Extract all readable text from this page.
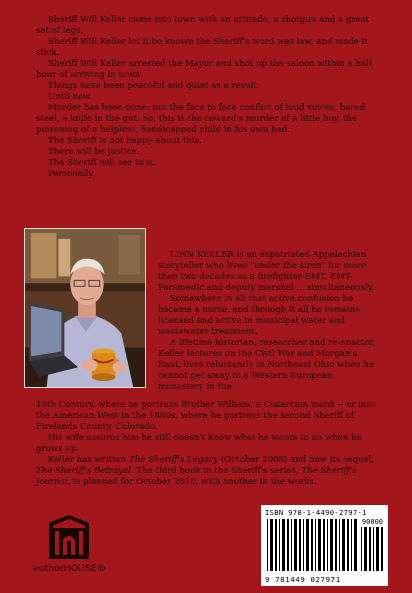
Sheriff Will Keller came into town with an attitude, a shotgun and a great set of legs.

Sheriff Will Keller let it be known the Sheriff's word was law, and made it stick.

Sheriff Will Keller arrested the Mayor and shot up the saloon within a half hour of arriving in town.

Things have been peaceful and quiet as a result.

Until now.

Murder has been done: not the face to face conflict of loud voices, bared steel, a knife in the gut: no, this is the coward's murder of a little boy, the poisoning of a helpless, handicapped child in his own bed.

The Sheriff is not happy about this.

There will be justice.

The Sheriff will see to it.

Personally.

LINN KELLER is an expatriated Appalachian storyteller who lived "under the siren" for more than two decades as a firefighter-EMT, EMT-Paramedic and deputy marshal ... simultaneously.

Somewhere in all that active confusion he became a nurse, and through it all he remains licensed and active in municipal water and wastewater treatment.

A lifetime historian, researcher and re-enactor, Keller lectures on the Civil War and Morgan's Raid, lives reluctantly in Northeast Ohio when he cannot get away to a Western European monastery in the

10th Century, where he portrays Brother William, a Cistercian monk -- or into the American West in the 1880s, where he portrays the second Sheriff of Firelands County, Colorado.

His wife assures him he still doesn't know what he wants to do when he grows up.

Keller has written The Sheriff's Legacy (October 2008) and now its sequel, The Sheriff's Betrayal. The third book in the Sheriff's series, The Sheriff's Journal, is planned for October 2010, with another in the works.

authorHOUSE®
ISBN 978-1-4490-2797-1
90000
9 781449 027971
